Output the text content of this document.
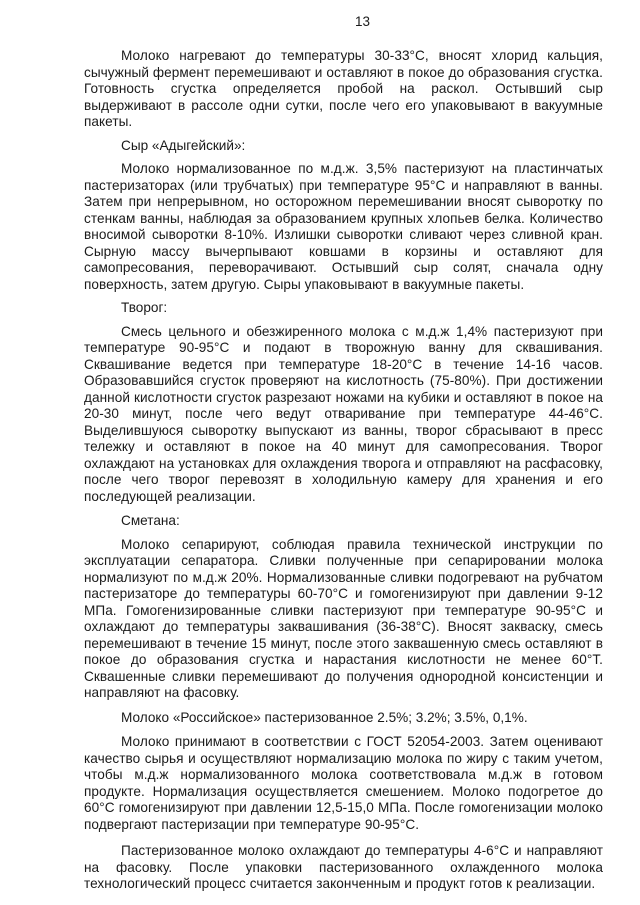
13

Молоко нагревают до температуры 30-33°С, вносят хлорид кальция, сычужный фермент перемешивают и оставляют в покое до образования сгустка. Готовность сгустка определяется пробой на раскол. Остывший сыр выдерживают в рассоле одни сутки, после чего его упаковывают в вакуумные пакеты.

Сыр «Адыгейский»:

Молоко нормализованное по м.д.ж. 3,5% пастеризуют на пластинчатых пастеризаторах (или трубчатых) при температуре 95°С и направляют в ванны. Затем при непрерывном, но осторожном перемешивании вносят сыворотку по стенкам ванны, наблюдая за образованием крупных хлопьев белка. Количество вносимой сыворотки 8-10%. Излишки сыворотки сливают через сливной кран. Сырную массу вычерпывают ковшами в корзины и оставляют для самопресования, переворачивают. Остывший сыр солят, сначала одну поверхность, затем другую. Сыры упаковывают в вакуумные пакеты.

Творог:

Смесь цельного и обезжиренного молока с м.д.ж 1,4% пастеризуют при температуре 90-95°С и подают в творожную ванну для сквашивания. Сквашивание ведется при температуре 18-20°С в течение 14-16 часов. Образовавшийся сгусток проверяют на кислотность (75-80%). При достижении данной кислотности сгусток разрезают ножами на кубики и оставляют в покое на 20-30 минут, после чего ведут отваривание при температуре 44-46°С. Выделившуюся сыворотку выпускают из ванны, творог сбрасывают в пресс тележку и оставляют в покое на 40 минут для самопресования. Творог охлаждают на установках для охлаждения творога и отправляют на расфасовку, после чего творог перевозят в холодильную камеру для хранения и его последующей реализации.

Сметана:

Молоко сепарируют, соблюдая правила технической инструкции по эксплуатации сепаратора. Сливки полученные при сепарировании молока нормализуют по м.д.ж 20%. Нормализованные сливки подогревают на рубчатом пастеризаторе до температуры 60-70°С и гомогенизируют при давлении 9-12 МПа. Гомогенизированные сливки пастеризуют при температуре 90-95°С и охлаждают до температуры заквашивания (36-38°С). Вносят закваску, смесь перемешивают в течение 15 минут, после этого заквашенную смесь оставляют в покое до образования сгустка и нарастания кислотности не менее 60°Т. Сквашенные сливки перемешивают до получения однородной консистенции и направляют на фасовку.

Молоко «Российское» пастеризованное 2.5%; 3.2%; 3.5%, 0,1%.

Молоко принимают в соответствии с ГОСТ 52054-2003. Затем оценивают качество сырья и осуществляют нормализацию молока по жиру с таким учетом, чтобы м.д.ж нормализованного молока соответствовала м.д.ж в готовом продукте. Нормализация осуществляется смешением. Молоко подогретое до 60°С гомогенизируют при давлении 12,5-15,0 МПа. После гомогенизации молоко подвергают пастеризации при температуре 90-95°С.

Пастеризованное молоко охлаждают до температуры 4-6°С и направляют на фасовку. После упаковки пастеризованного охлажденного молока технологический процесс считается законченным и продукт готов к реализации.
